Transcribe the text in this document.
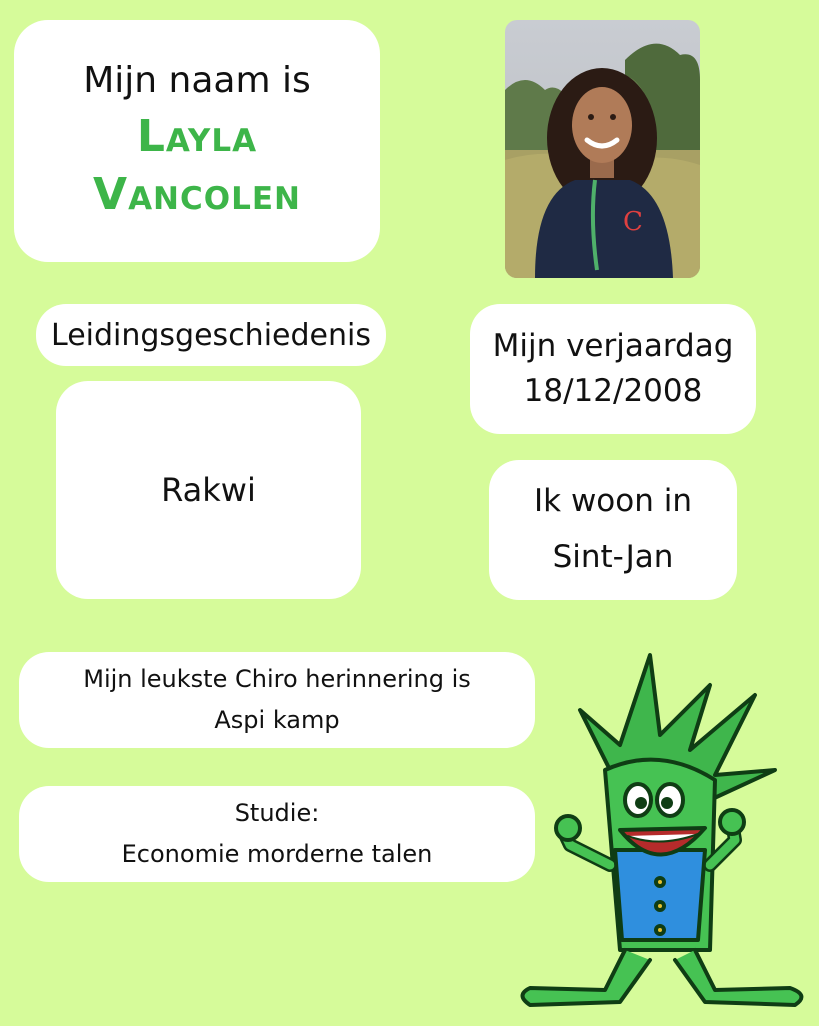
Mijn naam is
Layla
Vancolen
C
Leidingsgeschiedenis
Rakwi
Mijn verjaardag
18/12/2008
Ik woon in
Sint-Jan
Mijn leukste Chiro herinnering is
Aspi kamp
Studie:
Economie morderne talen
